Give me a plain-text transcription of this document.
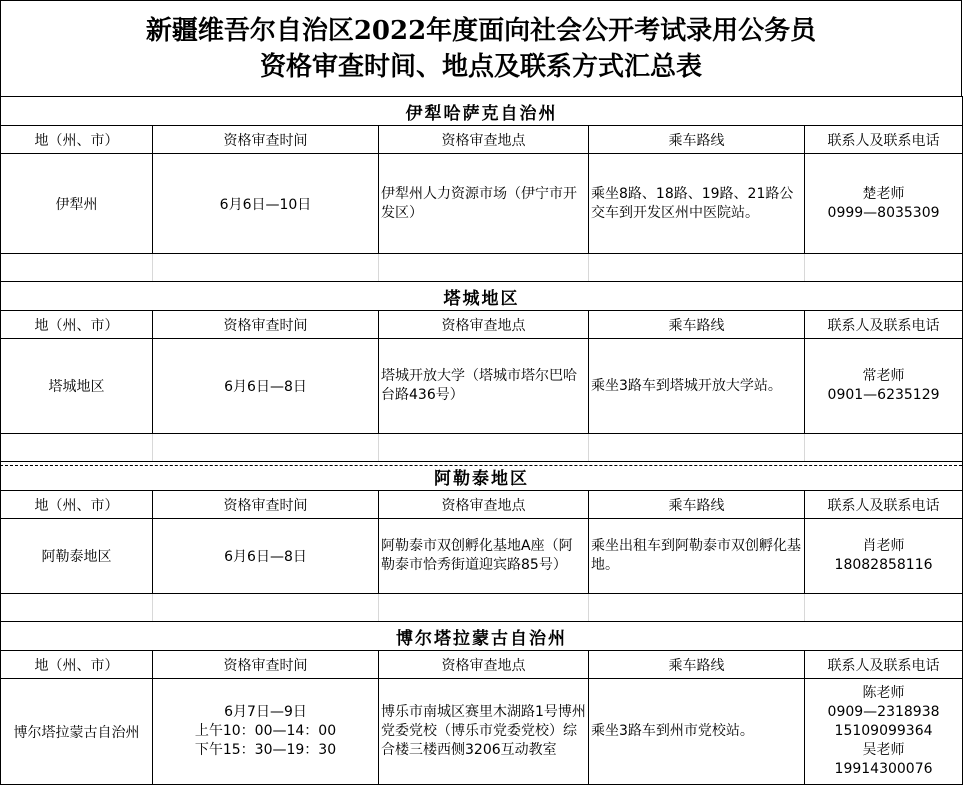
新疆维吾尔自治区2022年度面向社会公开考试录用公务员
资格审查时间、地点及联系方式汇总表
伊犁哈萨克自治州				
地（州、市）	资格审查时间	资格审查地点	乘车路线	联系人及联系电话
伊犁州	6月6日—10日	伊犁州人力资源市场（伊宁市开发区）	乘坐8路、18路、19路、21路公交车到开发区州中医院站。	楚老师
0999—8035309

塔城地区				
地（州、市）	资格审查时间	资格审查地点	乘车路线	联系人及联系电话
塔城地区	6月6日—8日	塔城开放大学（塔城市塔尔巴哈台路436号）	乘坐3路车到塔城开放大学站。	常老师
0901—6235129

阿勒泰地区				
地（州、市）	资格审查时间	资格审查地点	乘车路线	联系人及联系电话
阿勒泰地区	6月6日—8日	阿勒泰市双创孵化基地A座（阿勒泰市恰秀街道迎宾路85号）	乘坐出租车到阿勒泰市双创孵化基地。	肖老师
18082858116

博尔塔拉蒙古自治州				
地（州、市）	资格审查时间	资格审查地点	乘车路线	联系人及联系电话
博尔塔拉蒙古自治州	6月7日—9日
上午10：00—14：00
下午15：30—19：30	博乐市南城区赛里木湖路1号博州党委党校（博乐市党委党校）综合楼三楼西侧3206互动教室	乘坐3路车到州市党校站。	陈老师
0909—2318938
15109099364
吴老师
19914300076
